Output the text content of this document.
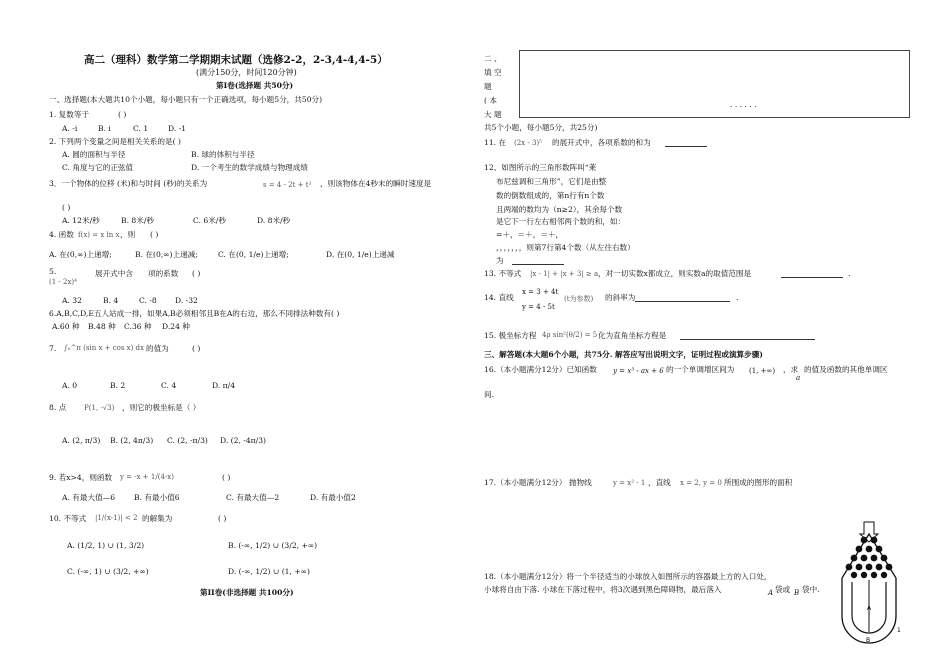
高二（理科）数学第二学期期末试题（选修2-2，2-3,4-4,4-5）
(满分150分，时间120分钟)
第I卷(选择题 共50分)
一、选择题(本大题共10个小题，每小题只有一个正确选项，每小题5分，共50分)
1. 复数等于	( )
A. -i	B. i	C. 1	D. -1
2. 下列两个变量之间是相关关系的是( )
A. 圆的面积与半径	B. 球的体积与半径
C. 角度与它的正弦值	D. 一个考生的数学成绩与物理成绩
3．一个物体的位移 (米)和与时间 (秒)的关系为	s = 4 - 2t + t² ，则该物体在4秒末的瞬时速度是
( )
A. 12米/秒	B. 8米/秒	C. 6米/秒	D. 8米/秒
4. 函数 f(x) = x ln x ，则 ( )
A. 在(0,∞)上递增;	B. 在(0,∞)上递减;	C. 在(0, 1/e)上递增;	D. 在(0, 1/e)上递减
5.
(1 - 2x)⁴
展开式中含 项的系数 ( )
A. 32	B. 4	C. -8 D. -32
6.A,B,C,D,E五人站成一排，如果A,B必须相邻且B在A的右边，那么不同排法种数有( )
A.60 种 B.48 种 C.36 种 D.24 种
7. ∫₀^π (sin x + cos x) dx 的值为	( )
A. 0	B. 2	C. 4	D. π/4
8. 点	P(1, -√3) ，则它的极坐标是（ ）
A. (2, π/3) B. (2, 4π/3) C. (2, -π/3) D. (2, -4π/3)
9. 若x>4，则函数 y = -x + 1/(4-x)	( )
A. 有最大值—6 B. 有最小值6	C. 有最大值—2	D. 有最小值2
10. 不等式 |1/(x-1)| < 2 的解集为	( )
A. (1/2, 1) ∪ (1, 3/2)	B. (-∞, 1/2) ∪ (3/2, +∞)
C. (-∞, 1) ∪ (3/2, +∞)	D. (-∞, 1/2) ∪ (1, +∞)
第II卷(非选择题 共100分)
二 、
填 空
题
( 本
大 题
. . . . . .
共5个小题，每小题5分，共25分)
11. 在 (2x - 3)⁵ 的展开式中，各项系数的和为
12、如图所示的三角形数阵叫“莱
布尼兹调和三角形”，它们是由整
数的倒数组成的，第n行有n个数
且两端的数均为（n≥2），其余每个数
是它下一行左右相邻两个数的和，如：
=＋，＝＋，＝＋，
，，，，，，，则第7行第4个数（从左往右数）
为
13. 不等式 |x - 1| + |x + 3| ≥ a ，对一切实数x都成立，则实数a的取值范围是	.
14. 直线
x = 3 + 4t
y = 4 - 5t
(t为参数) 的斜率为	.
15. 极坐标方程 4ρ sin²(θ/2) = 5 化为直角坐标方程是
三、解答题(本大题6个小题，共75分. 解答应写出说明文字，证明过程或演算步骤)
16.（本小题满分12分）已知函数 y = x³ - ax + 6 的一个单调增区间为 (1, +∞) ，求
a
的值及函数的其他单调区
间.
17.（本小题满分12分） 抛物线	y = x² - 1 ，直线 x = 2, y = 0 所围成的图形的面积
18.（本小题满分12分）将一个半径适当的小球放入如图所示的容器最上方的入口处，
小球将自由下落. 小球在下落过程中，将3次遇到黑色障碍物，最后落入	A 袋或 B 袋中.
A
B
1
